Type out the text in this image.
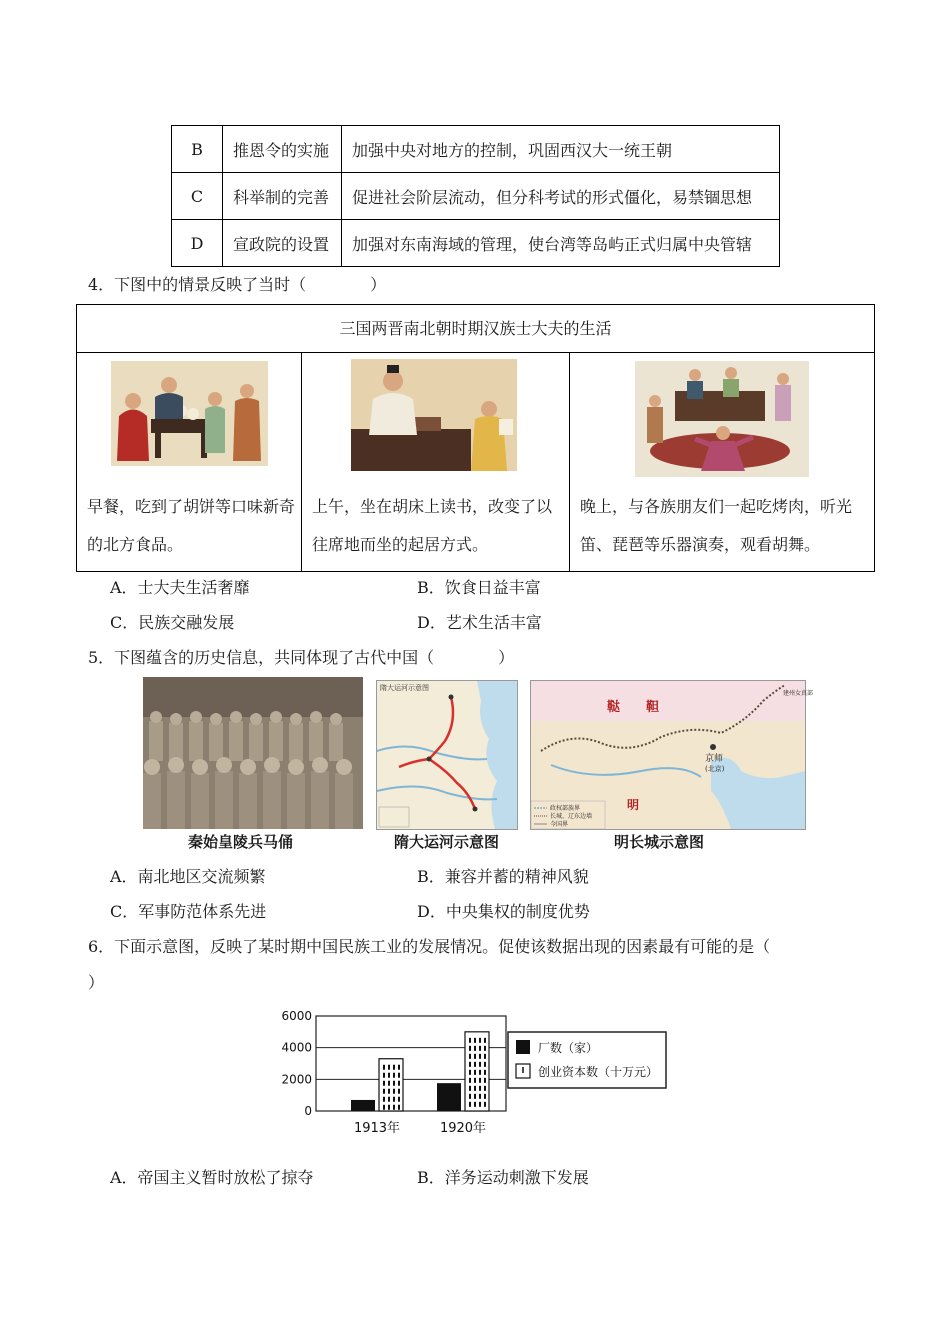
B	推恩令的实施	加强中央对地方的控制，巩固西汉大一统王朝
C	科举制的完善	促进社会阶层流动，但分科考试的形式僵化，易禁锢思想
D	宣政院的设置	加强对东南海域的管理，使台湾等岛屿正式归属中央管辖
4．下图中的情景反映了当时（　　　　）
三国两晋南北朝时期汉族士大夫的生活
早餐，吃到了胡饼等口味新奇的北方食品。
上午，坐在胡床上读书，改变了以往席地而坐的起居方式。
晚上，与各族朋友们一起吃烤肉，听光笛、琵琶等乐器演奏，观看胡舞。
A．士大夫生活奢靡	B．饮食日益丰富
C．民族交融发展	D．艺术生活丰富
5．下图蕴含的历史信息，共同体现了古代中国（　　　　）
隋大运河示意图
鞑　　靼
明
京师
(北京)
建州女真部
政权部族界
长城、辽东边墙
今国界
秦始皇陵兵马俑	隋大运河示意图	明长城示意图
A．南北地区交流频繁	B．兼容并蓄的精神风貌
C．军事防范体系先进	D．中央集权的制度优势
6．下面示意图，反映了某时期中国民族工业的发展情况。促使该数据出现的因素最有可能的是（
）
0
2000
4000
6000
1913年	1920年
厂数（家）
创业资本数（十万元）
A．帝国主义暂时放松了掠夺	B．洋务运动刺激下发展
